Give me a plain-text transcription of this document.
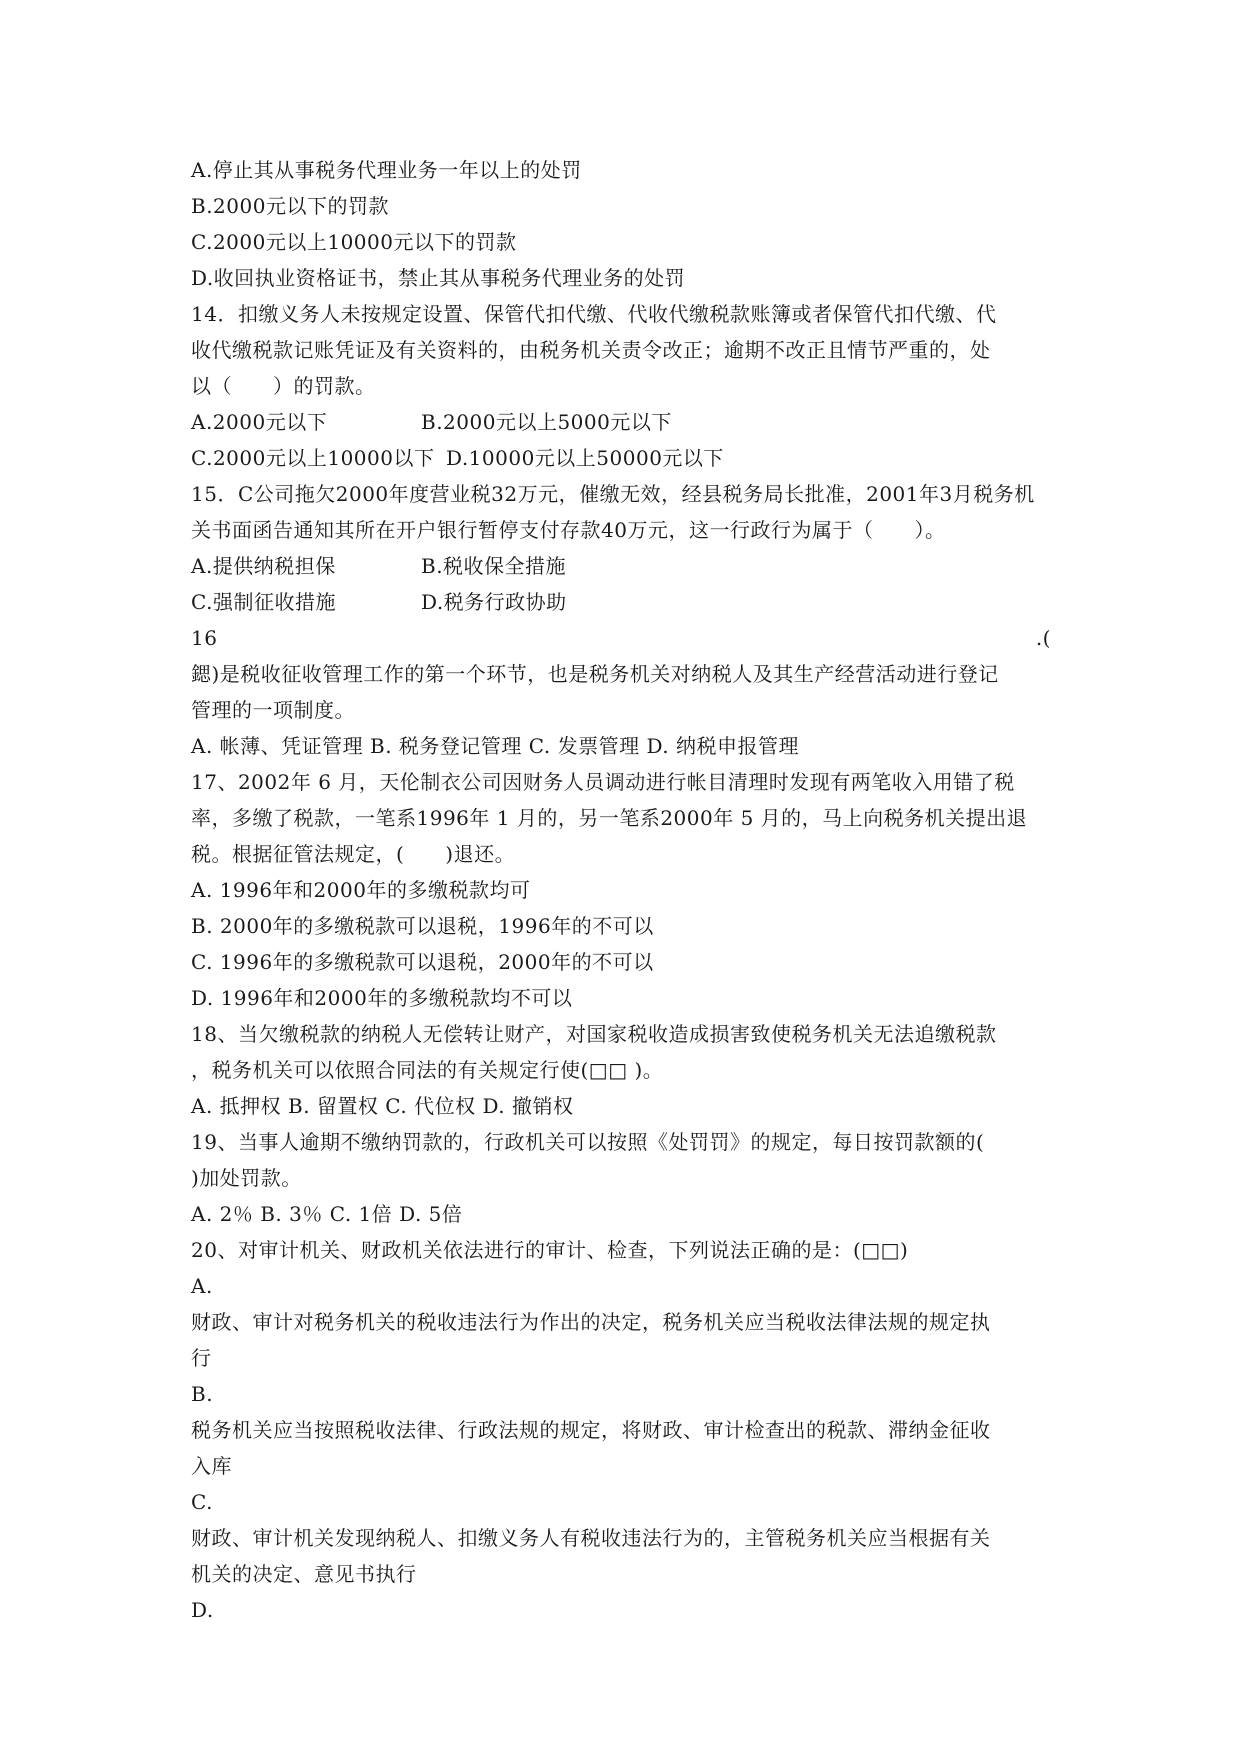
A.停止其从事税务代理业务一年以上的处罚
B.2000元以下的罚款
C.2000元以上10000元以下的罚款
D.收回执业资格证书，禁止其从事税务代理业务的处罚
14．扣缴义务人未按规定设置、保管代扣代缴、代收代缴税款账簿或者保管代扣代缴、代
收代缴税款记账凭证及有关资料的，由税务机关责令改正；逾期不改正且情节严重的，处
以（　　）的罚款。
A.2000元以下	B.2000元以上5000元以下
C.2000元以上10000以下 D.10000元以上50000元以下
15．C公司拖欠2000年度营业税32万元，催缴无效，经县税务局长批准，2001年3月税务机
关书面函告通知其所在开户银行暂停支付存款40万元，这一行政行为属于（　　）。
A.提供纳税担保	B.税收保全措施
C.强制征收措施	D.税务行政协助
16	.(
鍶)是税收征收管理工作的第一个环节，也是税务机关对纳税人及其生产经营活动进行登记
管理的一项制度。
A. 帐薄、凭证管理 B. 税务登记管理 C. 发票管理 D. 纳税申报管理
17、2002年 6 月，天伦制衣公司因财务人员调动进行帐目清理时发现有两笔收入用错了税
率，多缴了税款，一笔系1996年 1 月的，另一笔系2000年 5 月的，马上向税务机关提出退
税。根据征管法规定，(　　)退还。
A. 1996年和2000年的多缴税款均可
B. 2000年的多缴税款可以退税，1996年的不可以
C. 1996年的多缴税款可以退税，2000年的不可以
D. 1996年和2000年的多缴税款均不可以
18、当欠缴税款的纳税人无偿转让财产，对国家税收造成损害致使税务机关无法追缴税款
，税务机关可以依照合同法的有关规定行使(□□ )。
A. 抵押权 B. 留置权 C. 代位权 D. 撤销权
19、当事人逾期不缴纳罚款的，行政机关可以按照《处罚罚》的规定，每日按罚款额的(
)加处罚款。
A. 2％ B. 3％ C. 1倍 D. 5倍
20、对审计机关、财政机关依法进行的审计、检查，下列说法正确的是：(□□)
A.
财政、审计对税务机关的税收违法行为作出的决定，税务机关应当税收法律法规的规定执
行
B.
税务机关应当按照税收法律、行政法规的规定，将财政、审计检查出的税款、滞纳金征收
入库
C.
财政、审计机关发现纳税人、扣缴义务人有税收违法行为的，主管税务机关应当根据有关
机关的决定、意见书执行
D.
